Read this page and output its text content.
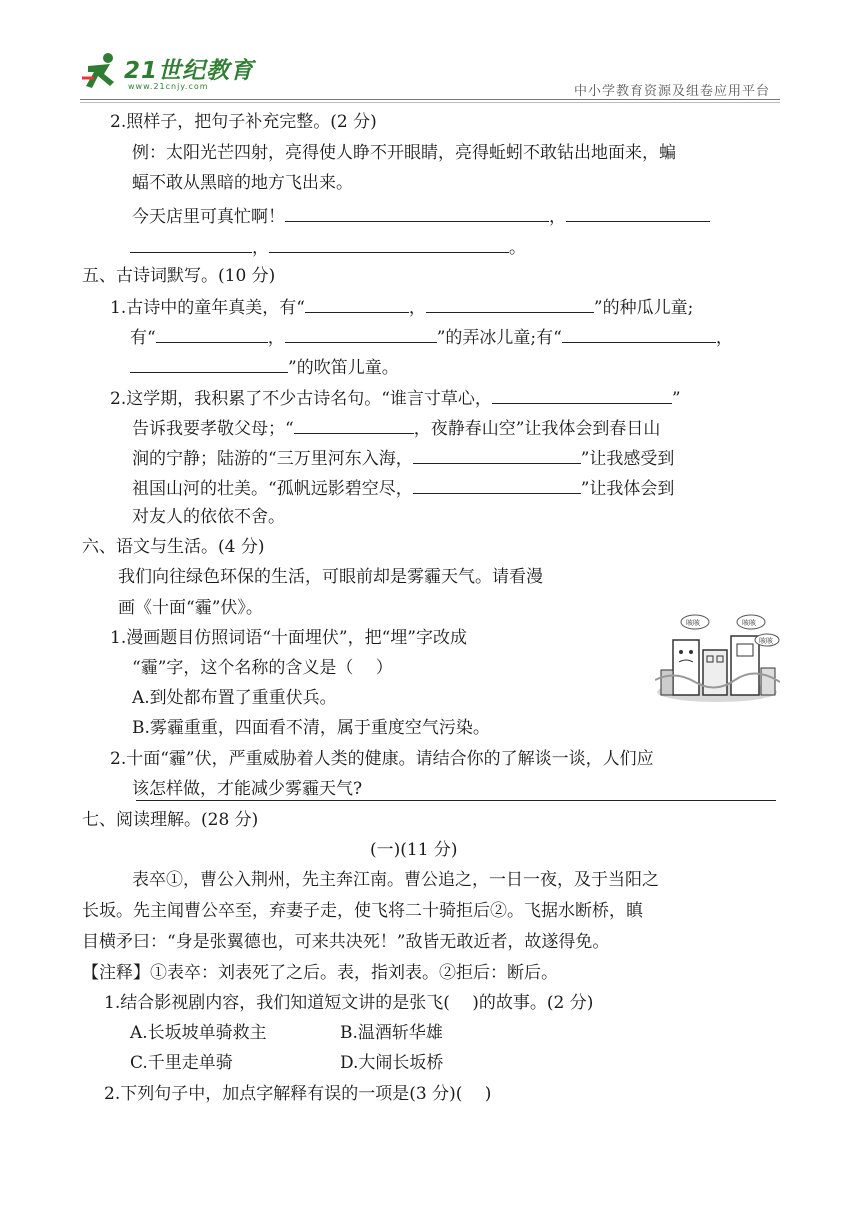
21世纪教育
www.21cnjy.com	中小学教育资源及组卷应用平台
2.照样子，把句子补充完整。(2 分)
例：太阳光芒四射，亮得使人睁不开眼睛，亮得蚯蚓不敢钻出地面来，蝙
蝠不敢从黑暗的地方飞出来。
今天店里可真忙啊！	，
，	。
五、古诗词默写。(10 分)
1.古诗中的童年真美，有“	，	”的种瓜儿童;
有“	，	”的弄冰儿童;有“	，
”的吹笛儿童。
2.这学期，我积累了不少古诗名句。“谁言寸草心，	”
告诉我要孝敬父母；“	，夜静春山空”让我体会到春日山
涧的宁静；陆游的“三万里河东入海，	”让我感受到
祖国山河的壮美。“孤帆远影碧空尽，	”让我体会到
对友人的依依不舍。
六、语文与生活。(4 分)
我们向往绿色环保的生活，可眼前却是雾霾天气。请看漫
画《十面“霾”伏》。
1.漫画题目仿照词语“十面埋伏”，把“埋”字改成
“霾”字，这个名称的含义是（　 ）
A.到处都布置了重重伏兵。
B.雾霾重重，四面看不清，属于重度空气污染。
咳咳	咳咳
咳咳
2.十面“霾”伏，严重威胁着人类的健康。请结合你的了解谈一谈，人们应
该怎样做，才能减少雾霾天气?
七、阅读理解。(28 分)
(一)(11 分)
表卒①，曹公入荆州，先主奔江南。曹公追之，一日一夜，及于当阳之
长坂。先主闻曹公卒至，弃妻子走，使飞将二十骑拒后②。飞据水断桥，瞋
目横矛曰：“身是张翼德也，可来共决死！”敌皆无敢近者，故遂得免。
【注释】①表卒：刘表死了之后。表，指刘表。②拒后：断后。
1.结合影视剧内容，我们知道短文讲的是张飞(　 )的故事。(2 分)
A.长坂坡单骑救主	B.温酒斩华雄
C.千里走单骑	D.大闹长坂桥
2.下列句子中，加点字解释有误的一项是(3 分)(　 )
